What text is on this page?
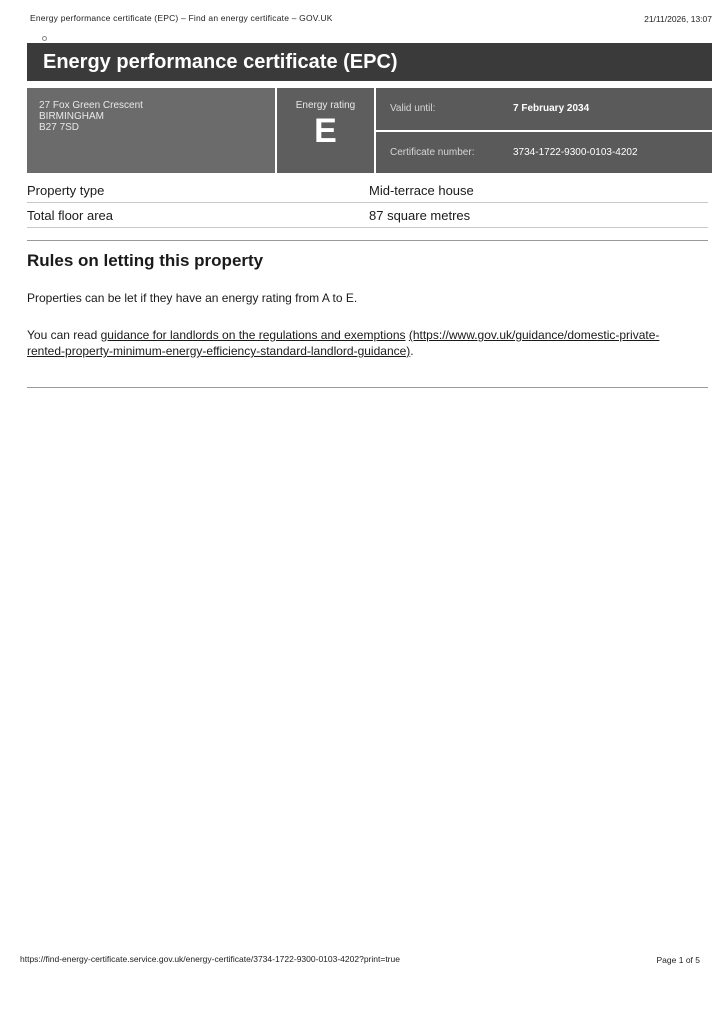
Energy performance certificate (EPC) – Find an energy certificate – GOV.UK	21/11/2026, 13:07
Energy performance certificate (EPC)
27 Fox Green Crescent
BIRMINGHAM
B27 7SD
Energy rating
E
Valid until:	7 February 2034
Certificate number:	3734-1722-9300-0103-4202
Property type	Mid-terrace house
Total floor area	87 square metres
Rules on letting this property

Properties can be let if they have an energy rating from A to E.

You can read guidance for landlords on the regulations and exemptions (https://www.gov.uk/guidance/domestic-private-rented-property-minimum-energy-efficiency-standard-landlord-guidance).

https://find-energy-certificate.service.gov.uk/energy-certificate/3734-1722-9300-0103-4202?print=true	Page 1 of 5
